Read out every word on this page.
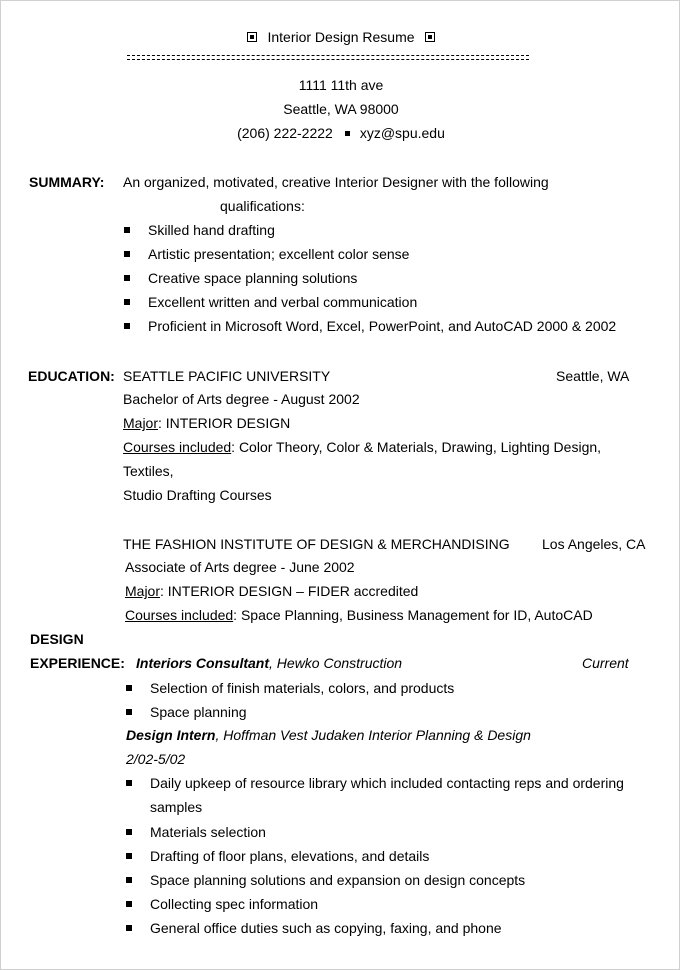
Interior Design Resume
1111 11th ave
Seattle, WA 98000
(206) 222-2222 xyz@spu.edu
SUMMARY: An organized, motivated, creative Interior Designer with the following
qualifications:
Skilled hand drafting
Artistic presentation; excellent color sense
Creative space planning solutions
Excellent written and verbal communication
Proficient in Microsoft Word, Excel, PowerPoint, and AutoCAD 2000 & 2002
EDUCATION: SEATTLE PACIFIC UNIVERSITY	Seattle, WA
Bachelor of Arts degree - August 2002
Major: INTERIOR DESIGN
Courses included: Color Theory, Color & Materials, Drawing, Lighting Design,
Textiles,
Studio Drafting Courses
THE FASHION INSTITUTE OF DESIGN & MERCHANDISING Los Angeles, CA
Associate of Arts degree - June 2002
Major: INTERIOR DESIGN – FIDER accredited
Courses included: Space Planning, Business Management for ID, AutoCAD
DESIGN
EXPERIENCE: Interiors Consultant, Hewko Construction	Current
Selection of finish materials, colors, and products
Space planning
Design Intern, Hoffman Vest Judaken Interior Planning & Design
2/02-5/02
Daily upkeep of resource library which included contacting reps and ordering
samples
Materials selection
Drafting of floor plans, elevations, and details
Space planning solutions and expansion on design concepts
Collecting spec information
General office duties such as copying, faxing, and phone
